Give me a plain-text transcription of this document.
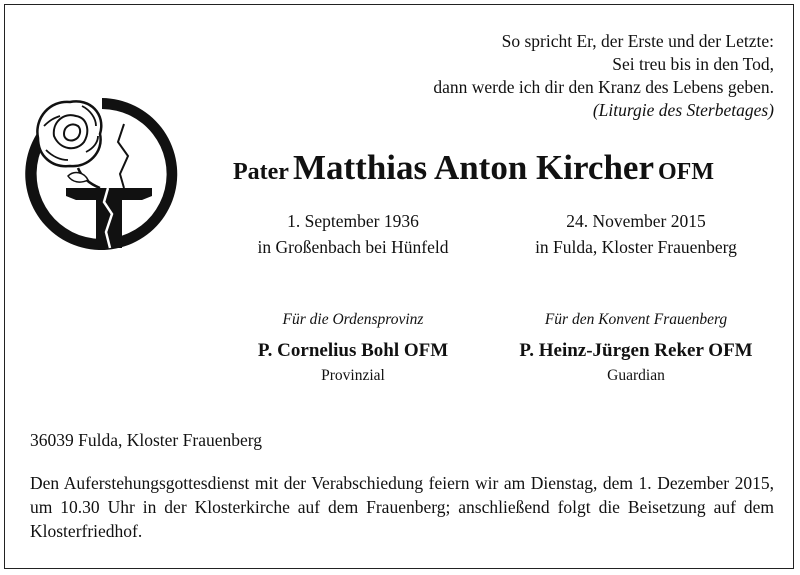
So spricht Er, der Erste und der Letzte:
Sei treu bis in den Tod,
dann werde ich dir den Kranz des Lebens geben.
(Liturgie des Sterbetages)
Pater Matthias Anton Kircher OFM
1. September 1936
in Großenbach bei Hünfeld
24. November 2015
in Fulda, Kloster Frauenberg
Für die Ordensprovinz
P. Cornelius Bohl OFM
Provinzial
Für den Konvent Frauenberg
P. Heinz-Jürgen Reker OFM
Guardian
36039 Fulda, Kloster Frauenberg
Den Auferstehungsgottesdienst mit der Verabschiedung feiern wir am Dienstag, dem 1. Dezember 2015, um 10.30 Uhr in der Klosterkirche auf dem Frauenberg; anschließend folgt die Beisetzung auf dem Klosterfriedhof.
